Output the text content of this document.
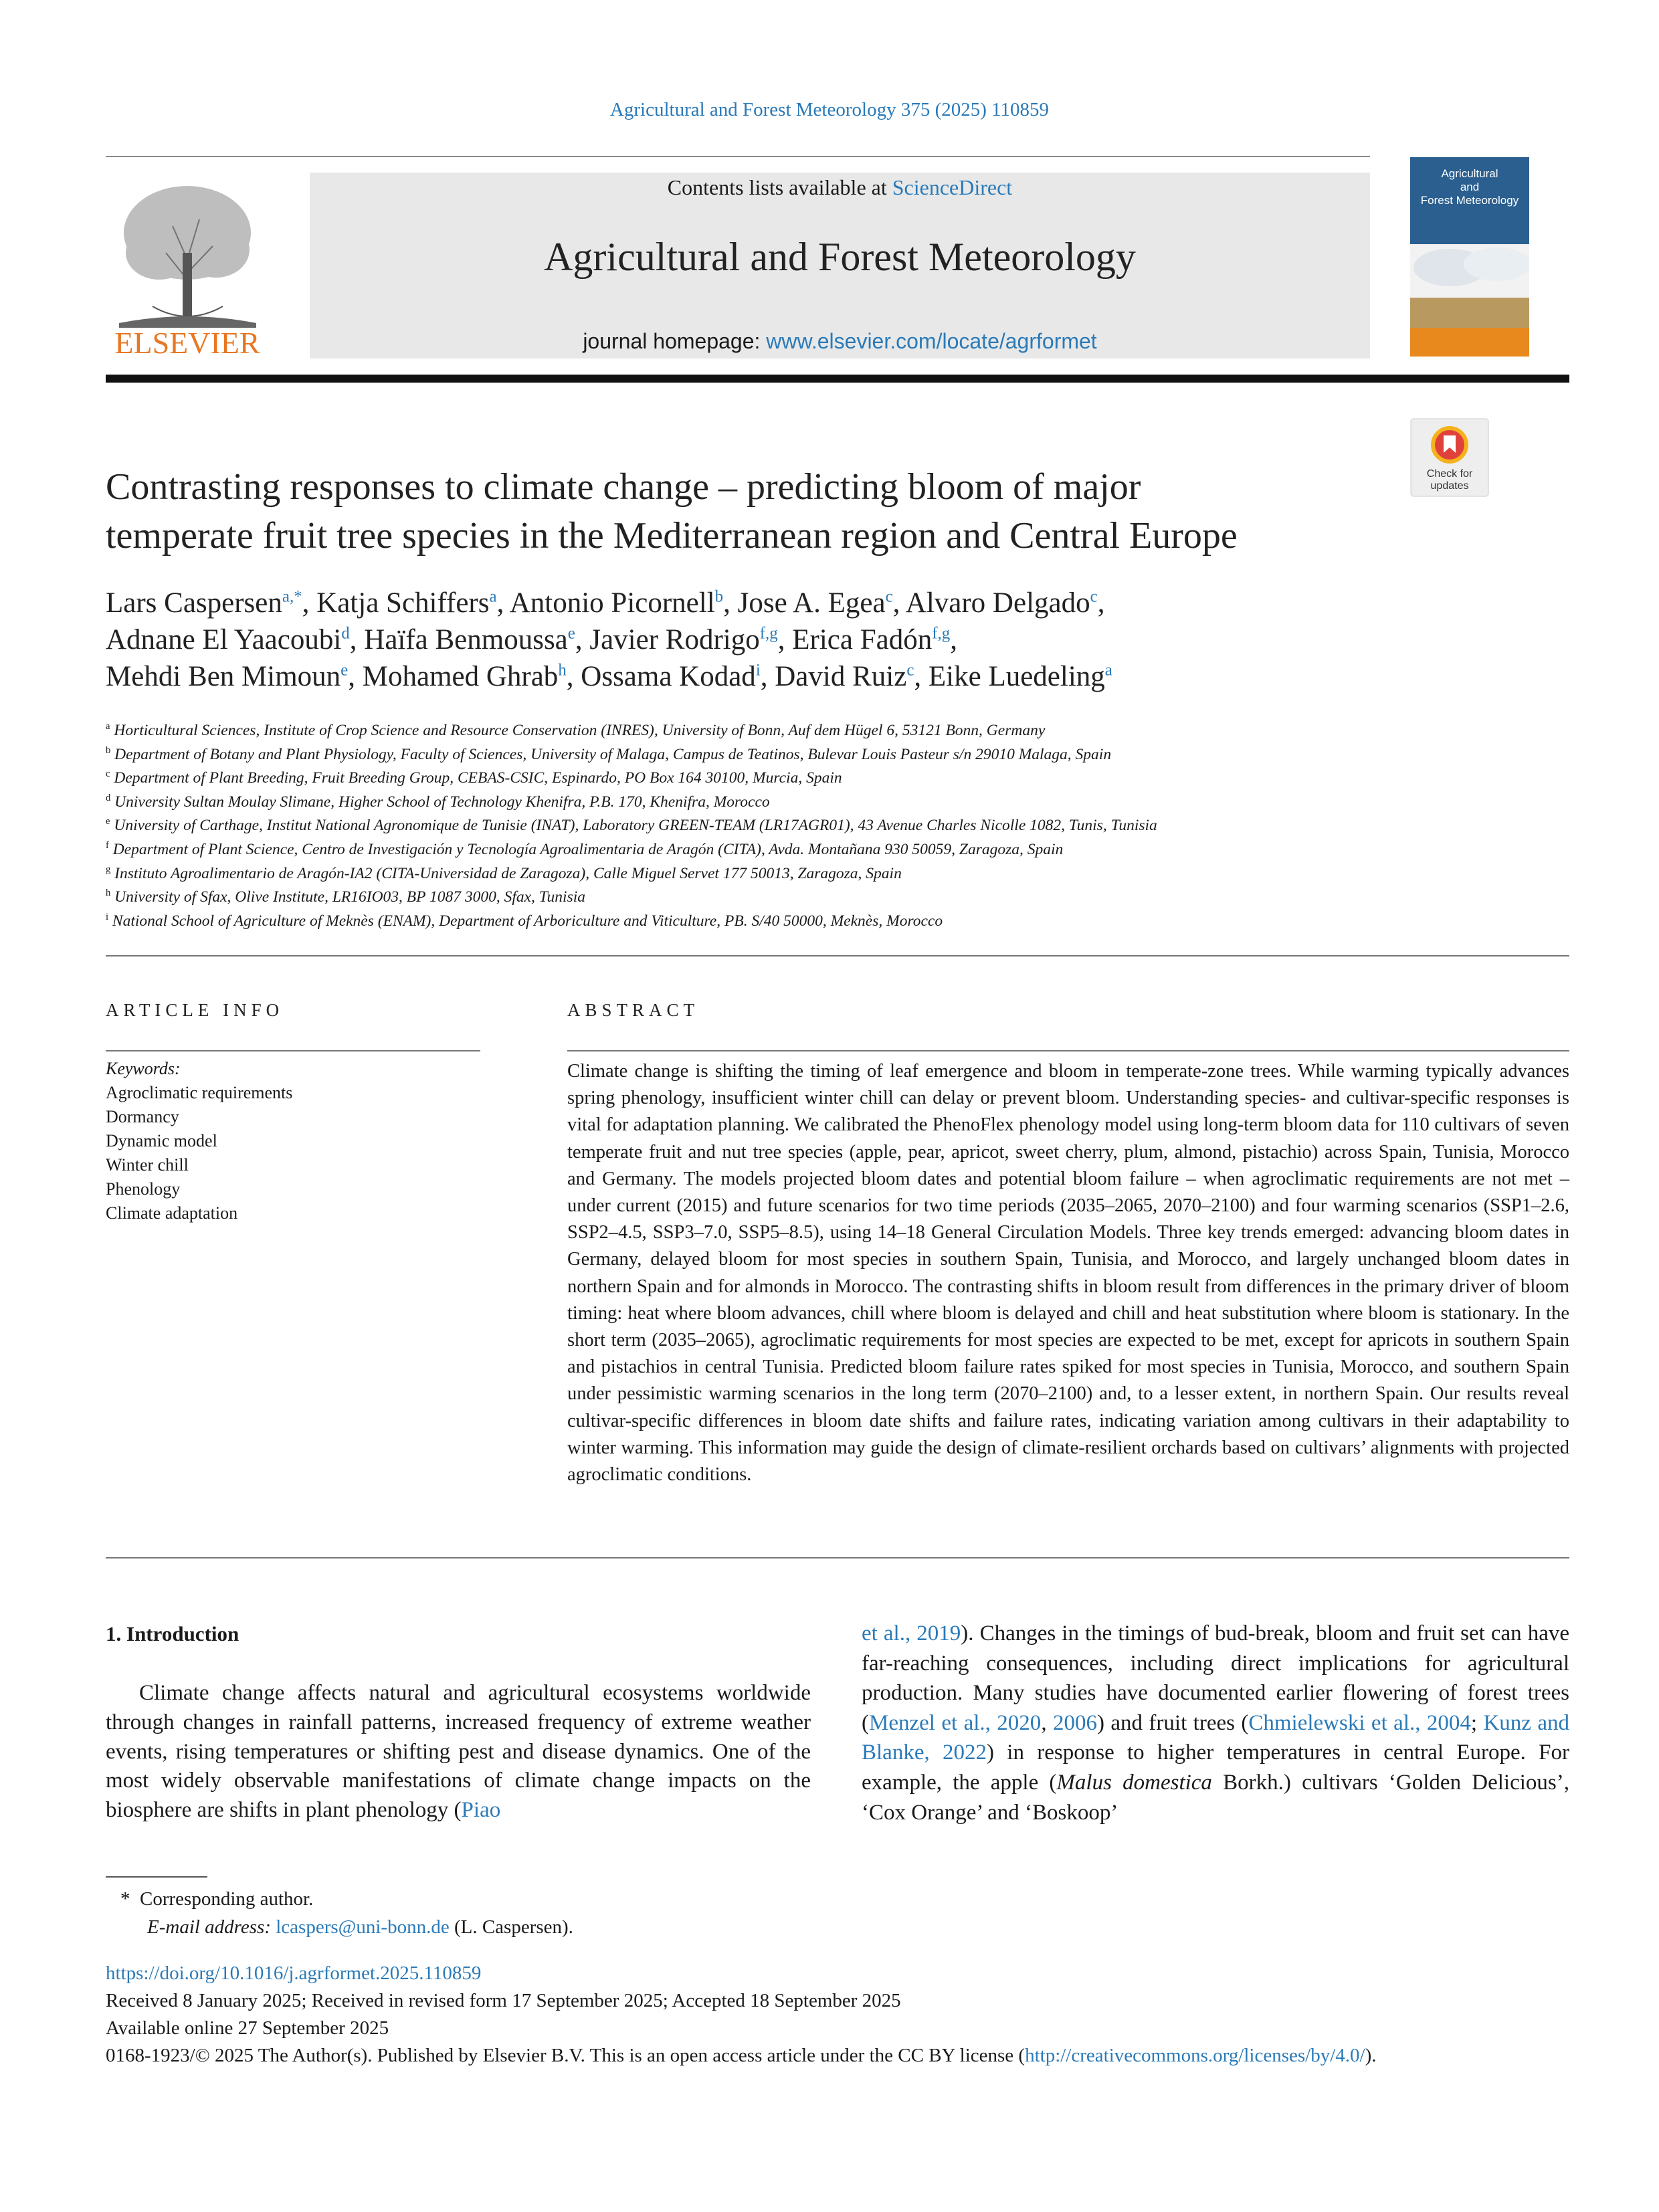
Agricultural and Forest Meteorology 375 (2025) 110859
ELSEVIER
Contents lists available at ScienceDirect
Agricultural and Forest Meteorology
journal homepage: www.elsevier.com/locate/agrformet
Agricultural
and
Forest Meteorology
Check for
updates
Contrasting responses to climate change – predicting bloom of major
temperate fruit tree species in the Mediterranean region and Central Europe
Lars Caspersen$^{a,*}$, Katja Schiffers$^a$, Antonio Picornell$^b$, Jose A. Egea$^c$, Alvaro Delgado$^c$,
Adnane El Yaacoubi$^d$, Haïfa Benmoussa$^e$, Javier Rodrigo$^{f,g}$, Erica Fadón$^{f,g}$,
Mehdi Ben Mimoun$^e$, Mohamed Ghrab$^h$, Ossama Kodad$^i$, David Ruiz$^c$, Eike Luedeling$^a$
$^a$ Horticultural Sciences, Institute of Crop Science and Resource Conservation (INRES), University of Bonn, Auf dem Hügel 6, 53121 Bonn, Germany
$^b$ Department of Botany and Plant Physiology, Faculty of Sciences, University of Malaga, Campus de Teatinos, Bulevar Louis Pasteur s/n 29010 Malaga, Spain
$^c$ Department of Plant Breeding, Fruit Breeding Group, CEBAS-CSIC, Espinardo, PO Box 164 30100, Murcia, Spain
$^d$ University Sultan Moulay Slimane, Higher School of Technology Khenifra, P.B. 170, Khenifra, Morocco
$^e$ University of Carthage, Institut National Agronomique de Tunisie (INAT), Laboratory GREEN-TEAM (LR17AGR01), 43 Avenue Charles Nicolle 1082, Tunis, Tunisia
$^f$ Department of Plant Science, Centro de Investigación y Tecnología Agroalimentaria de Aragón (CITA), Avda. Montañana 930 50059, Zaragoza, Spain
$^g$ Instituto Agroalimentario de Aragón-IA2 (CITA-Universidad de Zaragoza), Calle Miguel Servet 177 50013, Zaragoza, Spain
$^h$ University of Sfax, Olive Institute, LR16IO03, BP 1087 3000, Sfax, Tunisia
$^i$ National School of Agriculture of Meknès (ENAM), Department of Arboriculture and Viticulture, PB. S/40 50000, Meknès, Morocco
ARTICLE INFO
Keywords:
Agroclimatic requirements
Dormancy
Dynamic model
Winter chill
Phenology
Climate adaptation
ABSTRACT
Climate change is shifting the timing of leaf emergence and bloom in temperate-zone trees. While warming typically advances spring phenology, insufficient winter chill can delay or prevent bloom. Understanding species- and cultivar-specific responses is vital for adaptation planning. We calibrated the PhenoFlex phenology model using long-term bloom data for 110 cultivars of seven temperate fruit and nut tree species (apple, pear, apricot, sweet cherry, plum, almond, pistachio) across Spain, Tunisia, Morocco and Germany. The models projected bloom dates and potential bloom failure – when agroclimatic requirements are not met – under current (2015) and future scenarios for two time periods (2035–2065, 2070–2100) and four warming scenarios (SSP1–2.6, SSP2–4.5, SSP3–7.0, SSP5–8.5), using 14–18 General Circulation Models. Three key trends emerged: advancing bloom dates in Germany, delayed bloom for most species in southern Spain, Tunisia, and Morocco, and largely unchanged bloom dates in northern Spain and for almonds in Morocco. The contrasting shifts in bloom result from differences in the primary driver of bloom timing: heat where bloom advances, chill where bloom is delayed and chill and heat substitution where bloom is stationary. In the short term (2035–2065), agroclimatic requirements for most species are expected to be met, except for apricots in southern Spain and pistachios in central Tunisia. Predicted bloom failure rates spiked for most species in Tunisia, Morocco, and southern Spain under pessimistic warming scenarios in the long term (2070–2100) and, to a lesser extent, in northern Spain. Our results reveal cultivar-specific differences in bloom date shifts and failure rates, indicating variation among cultivars in their adaptability to winter warming. This information may guide the design of climate-resilient orchards based on cultivars’ alignments with projected agroclimatic conditions.
1. Introduction
Climate change affects natural and agricultural ecosystems worldwide through changes in rainfall patterns, increased frequency of extreme weather events, rising temperatures or shifting pest and disease dynamics. One of the most widely observable manifestations of climate change impacts on the biosphere are shifts in plant phenology (Piao
et al., 2019). Changes in the timings of bud-break, bloom and fruit set can have far-reaching consequences, including direct implications for agricultural production. Many studies have documented earlier flowering of forest trees (Menzel et al., 2020, 2006) and fruit trees (Chmielewski et al., 2004; Kunz and Blanke, 2022) in response to higher temperatures in central Europe. For example, the apple (Malus domestica Borkh.) cultivars ‘Golden Delicious’, ‘Cox Orange’ and ‘Boskoop’
* Corresponding author.
E-mail address: lcaspers@uni-bonn.de (L. Caspersen).
https://doi.org/10.1016/j.agrformet.2025.110859
Received 8 January 2025; Received in revised form 17 September 2025; Accepted 18 September 2025
Available online 27 September 2025
0168-1923/© 2025 The Author(s). Published by Elsevier B.V. This is an open access article under the CC BY license (http://creativecommons.org/licenses/by/4.0/).
